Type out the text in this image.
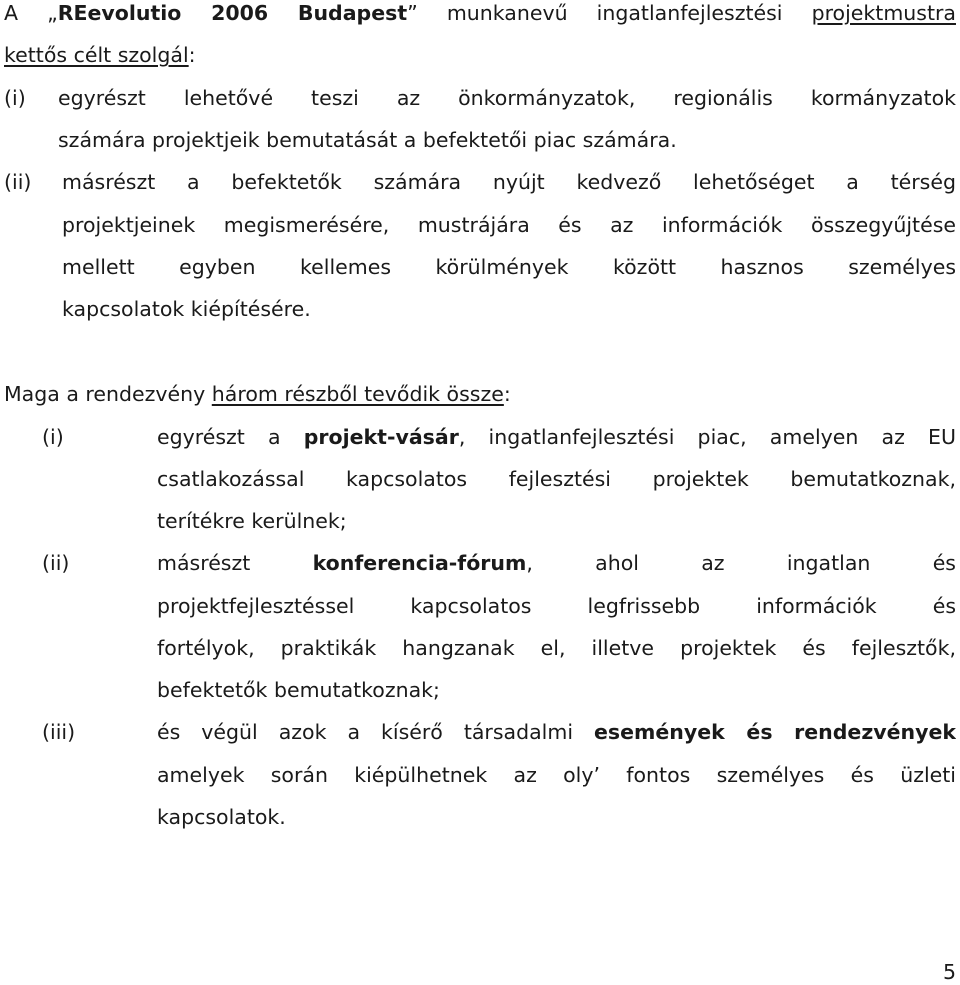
A „REevolutio 2006 Budapest” munkanevű ingatlanfejlesztési projektmustra
kettős célt szolgál:
(i) egyrészt lehetővé teszi az önkormányzatok, regionális kormányzatok
számára projektjeik bemutatását a befektetői piac számára.
(ii) másrészt a befektetők számára nyújt kedvező lehetőséget a térség
projektjeinek megismerésére, mustrájára és az információk összegyűjtése
mellett egyben kellemes körülmények között hasznos személyes
kapcsolatok kiépítésére.
Maga a rendezvény három részből tevődik össze:
(i)	egyrészt a projekt-vásár, ingatlanfejlesztési piac, amelyen az EU
csatlakozással kapcsolatos fejlesztési projektek bemutatkoznak,
terítékre kerülnek;
(ii)	másrészt konferencia-fórum, ahol az ingatlan és
projektfejlesztéssel kapcsolatos legfrissebb információk és
fortélyok, praktikák hangzanak el, illetve projektek és fejlesztők,
befektetők bemutatkoznak;
(iii)	és végül azok a kísérő társadalmi események és rendezvények
amelyek során kiépülhetnek az oly’ fontos személyes és üzleti
kapcsolatok.
5
